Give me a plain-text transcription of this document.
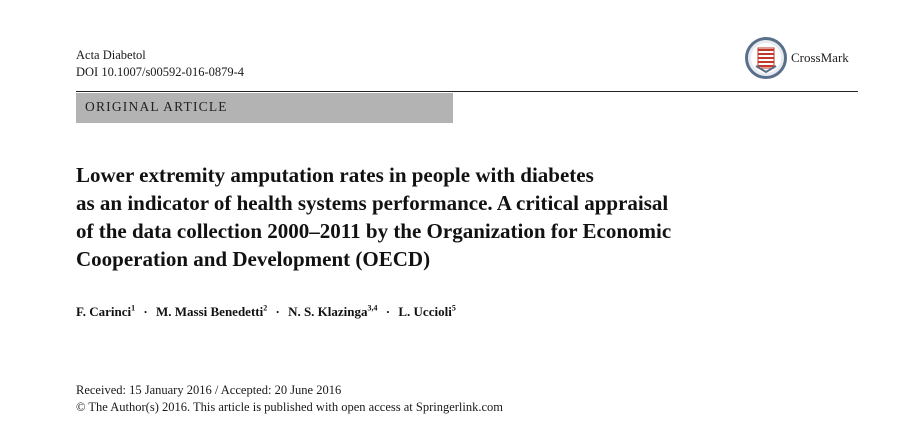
Acta Diabetol
DOI 10.1007/s00592-016-0879-4
CrossMark
ORIGINAL ARTICLE
Lower extremity amputation rates in people with diabetes
as an indicator of health systems performance. A critical appraisal
of the data collection 2000–2011 by the Organization for Economic
Cooperation and Development (OECD)
F. Carinci$^1$ · M. Massi Benedetti$^2$ · N. S. Klazinga$^{3,4}$ · L. Uccioli$^5$
Received: 15 January 2016 / Accepted: 20 June 2016
© The Author(s) 2016. This article is published with open access at Springerlink.com
